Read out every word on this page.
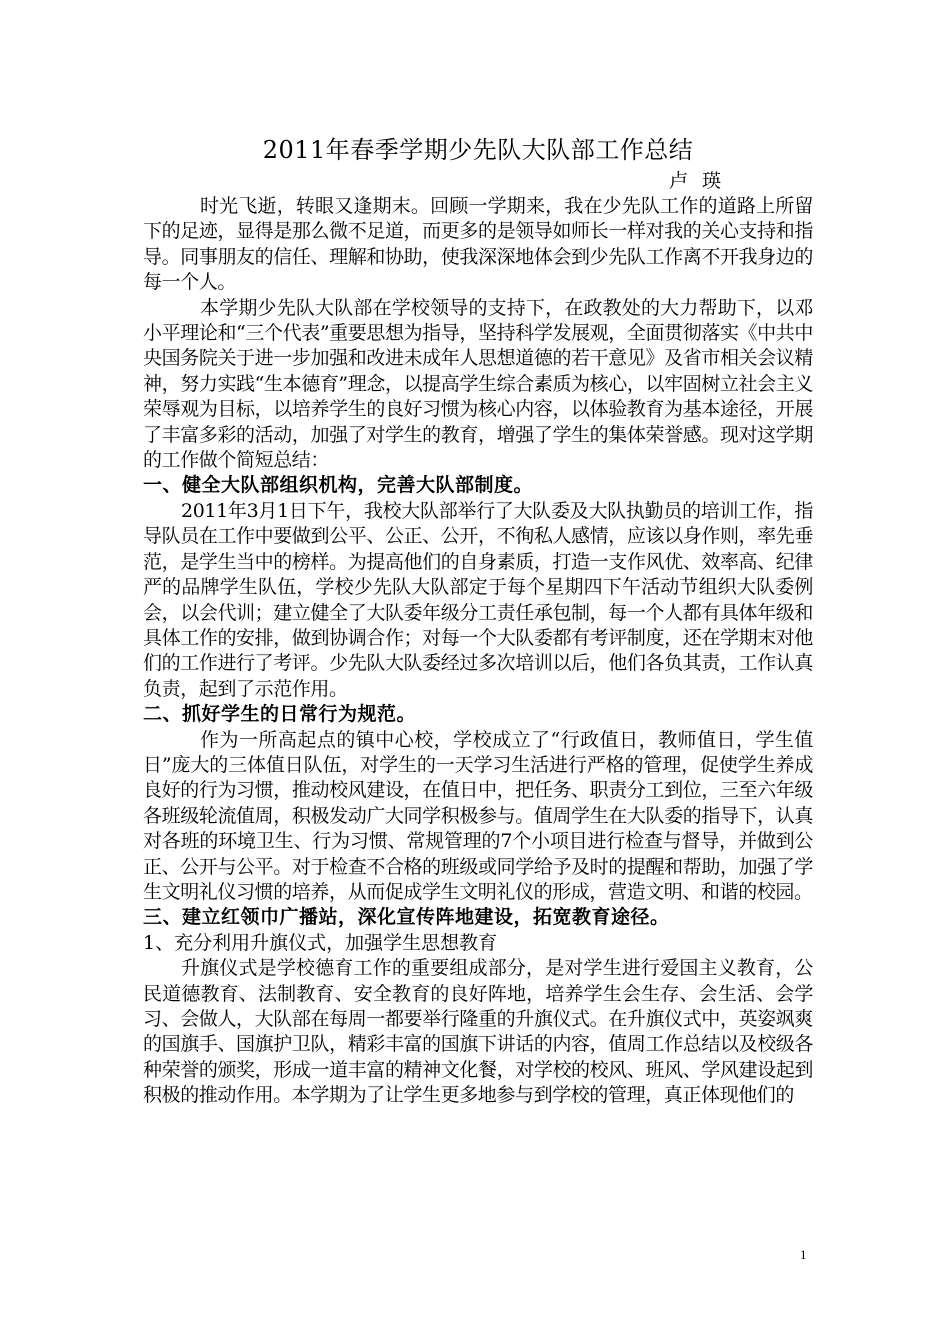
2011年春季学期少先队大队部工作总结

卢瑛

时光飞逝，转眼又逢期末。回顾一学期来，我在少先队工作的道路上所留下的足迹，显得是那么微不足道，而更多的是领导如师长一样对我的关心支持和指导。同事朋友的信任、理解和协助，使我深深地体会到少先队工作离不开我身边的每一个人。

本学期少先队大队部在学校领导的支持下，在政教处的大力帮助下，以邓小平理论和“三个代表”重要思想为指导，坚持科学发展观，全面贯彻落实《中共中央国务院关于进一步加强和改进未成年人思想道德的若干意见》及省市相关会议精神，努力实践“生本德育”理念，以提高学生综合素质为核心，以牢固树立社会主义荣辱观为目标，以培养学生的良好习惯为核心内容，以体验教育为基本途径，开展了丰富多彩的活动，加强了对学生的教育，增强了学生的集体荣誉感。现对这学期的工作做个简短总结：

一、健全大队部组织机构，完善大队部制度。

2011年3月1日下午，我校大队部举行了大队委及大队执勤员的培训工作，指导队员在工作中要做到公平、公正、公开，不徇私人感情，应该以身作则，率先垂范，是学生当中的榜样。为提高他们的自身素质，打造一支作风优、效率高、纪律严的品牌学生队伍，学校少先队大队部定于每个星期四下午活动节组织大队委例会，以会代训；建立健全了大队委年级分工责任承包制，每一个人都有具体年级和具体工作的安排，做到协调合作；对每一个大队委都有考评制度，还在学期末对他们的工作进行了考评。少先队大队委经过多次培训以后，他们各负其责，工作认真负责，起到了示范作用。

二、抓好学生的日常行为规范。

作为一所高起点的镇中心校，学校成立了“行政值日，教师值日，学生值日”庞大的三体值日队伍，对学生的一天学习生活进行严格的管理，促使学生养成良好的行为习惯，推动校风建设，在值日中，把任务、职责分工到位，三至六年级各班级轮流值周，积极发动广大同学积极参与。值周学生在大队委的指导下，认真对各班的环境卫生、行为习惯、常规管理的7个小项目进行检查与督导，并做到公正、公开与公平。对于检查不合格的班级或同学给予及时的提醒和帮助，加强了学生文明礼仪习惯的培养，从而促成学生文明礼仪的形成，营造文明、和谐的校园。

三、建立红领巾广播站，深化宣传阵地建设，拓宽教育途径。

1、充分利用升旗仪式，加强学生思想教育

升旗仪式是学校德育工作的重要组成部分，是对学生进行爱国主义教育，公民道德教育、法制教育、安全教育的良好阵地，培养学生会生存、会生活、会学习、会做人，大队部在每周一都要举行隆重的升旗仪式。在升旗仪式中，英姿飒爽的国旗手、国旗护卫队，精彩丰富的国旗下讲话的内容，值周工作总结以及校级各种荣誉的颁奖，形成一道丰富的精神文化餐，对学校的校风、班风、学风建设起到积极的推动作用。本学期为了让学生更多地参与到学校的管理，真正体现他们的

1
